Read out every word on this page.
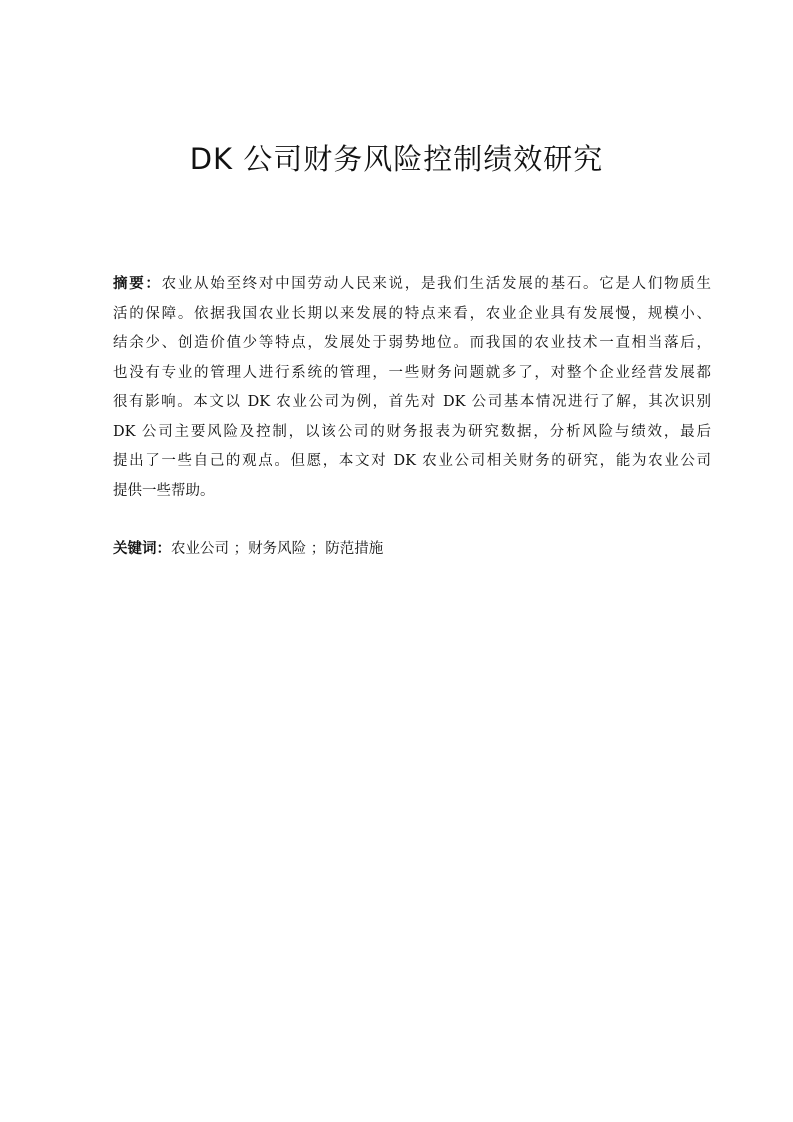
DK 公司财务风险控制绩效研究
摘要：农业从始至终对中国劳动人民来说，是我们生活发展的基石。它是人们物质生
活的保障。依据我国农业长期以来发展的特点来看，农业企业具有发展慢，规模小、
结余少、创造价值少等特点，发展处于弱势地位。而我国的农业技术一直相当落后，
也没有专业的管理人进行系统的管理，一些财务问题就多了，对整个企业经营发展都
很有影响。本文以 DK 农业公司为例，首先对 DK 公司基本情况进行了解，其次识别
DK 公司主要风险及控制，以该公司的财务报表为研究数据，分析风险与绩效，最后
提出了一些自己的观点。但愿，本文对 DK 农业公司相关财务的研究，能为农业公司
提供一些帮助。

关键词：农业公司 ；财务风险 ；防范措施
